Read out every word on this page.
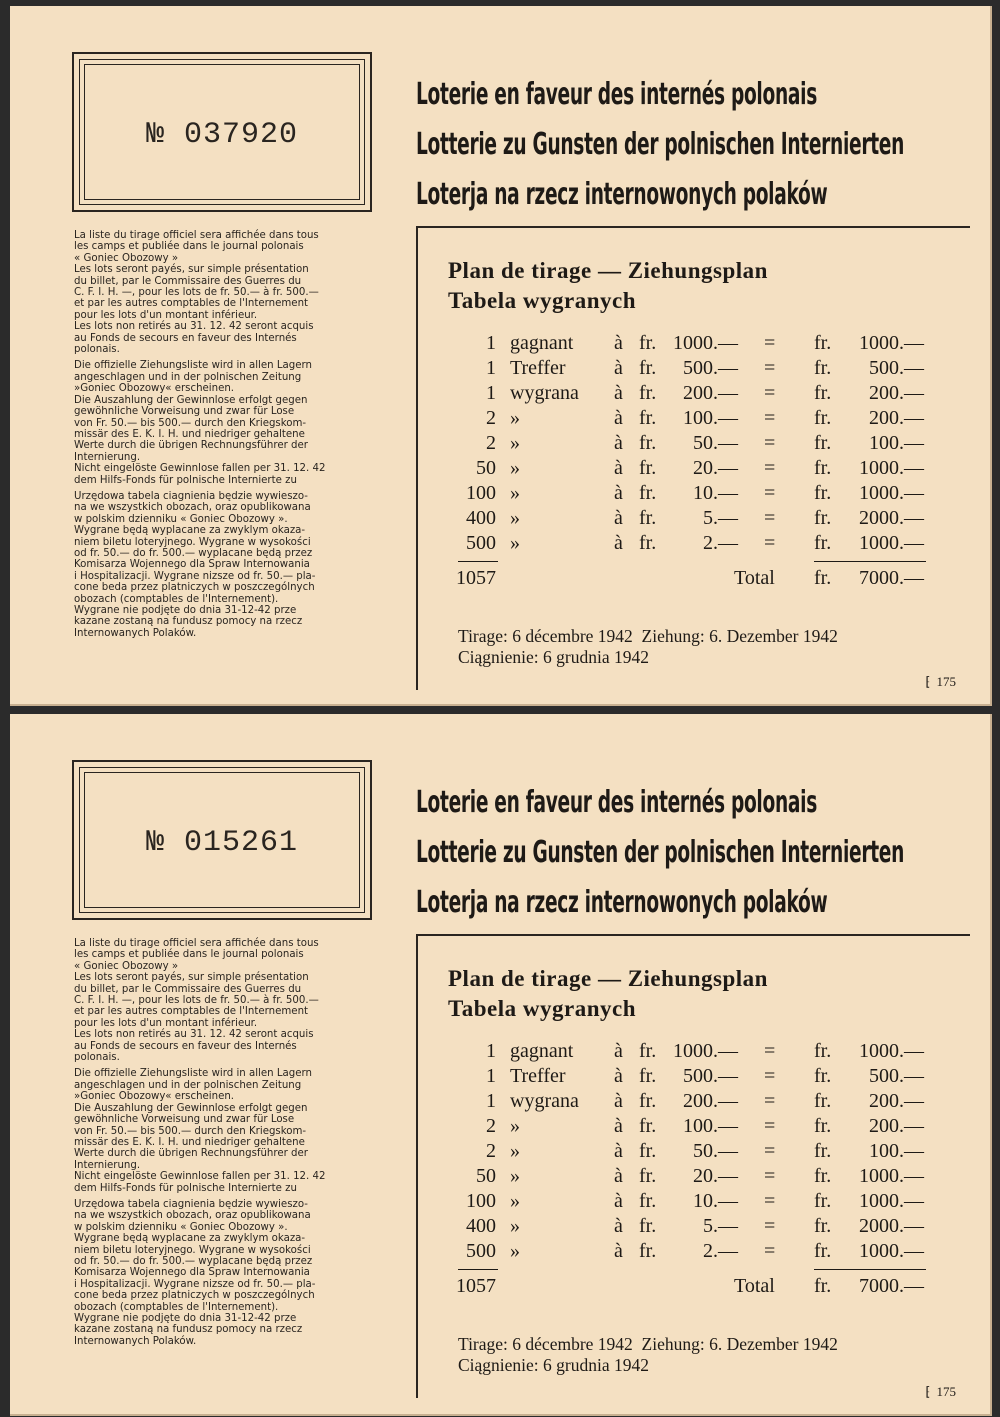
№ 037920

La liste du tirage officiel sera affichée dans tous
les camps et publiée dans le journal polonais
« Goniec Obozowy »
Les lots seront payés, sur simple présentation
du billet, par le Commissaire des Guerres du
C. F. I. H. —, pour les lots de fr. 50.— à fr. 500.—
et par les autres comptables de l'Internement
pour les lots d'un montant inférieur.
Les lots non retirés au 31. 12. 42 seront acquis
au Fonds de secours en faveur des Internés
polonais.

Die offizielle Ziehungsliste wird in allen Lagern
angeschlagen und in der polnischen Zeitung
»Goniec Obozowy« erscheinen.
Die Auszahlung der Gewinnlose erfolgt gegen
gewöhnliche Vorweisung und zwar für Lose
von Fr. 50.— bis 500.— durch den Kriegskom-
missär des E. K. I. H. und niedriger gehaltene
Werte durch die übrigen Rechnungsführer der
Internierung.
Nicht eingelöste Gewinnlose fallen per 31. 12. 42
dem Hilfs-Fonds für polnische Internierte zu

Urzędowa tabela ciagnienia będzie wywieszo-
na we wszystkich obozach, oraz opublikowana
w polskim dzienniku « Goniec Obozowy ».
Wygrane będą wyplacane za zwyklym okaza-
niem biletu loteryjnego. Wygrane w wysokości
od fr. 50.— do fr. 500.— wyplacane będą przez
Komisarza Wojennego dla Spraw Internowania
i Hospitalizacji. Wygrane nizsze od fr. 50.— pla-
cone beda przez platniczych w poszczególnych
obozach (comptables de l'Internement).
Wygrane nie podjęte do dnia 31-12-42 prze
kazane zostaną na fundusz pomocy na rzecz
Internowanych Polaków.

Loterie en faveur des internés polonais
Lotterie zu Gunsten der polnischen Internierten
Loterja na rzecz internowonych polaków
Plan de tirage — Ziehungsplan
Tabela wygranych
1 gagnant à fr. 1000.— = fr.	1000.—
1 Treffer à fr.	500.— = fr.	500.—
1 wygrana à fr.	200.— = fr.	200.—
2 »	à fr.	100.— = fr.	200.—
2 »	à fr.	50.— = fr.	100.—
50 »	à fr.	20.— = fr.	1000.—
100 »	à fr.	10.— = fr.	1000.—
400 »	à fr.	5.— = fr.	2000.—
500 »	à fr.	2.— = fr.	1000.—
1057	Total fr.	7000.—
Tirage: 6 décembre 1942  Ziehung: 6. Dezember 1942
Ciągnienie: 6 grudnia 1942
⁅ 175
№ 015261

La liste du tirage officiel sera affichée dans tous
les camps et publiée dans le journal polonais
« Goniec Obozowy »
Les lots seront payés, sur simple présentation
du billet, par le Commissaire des Guerres du
C. F. I. H. —, pour les lots de fr. 50.— à fr. 500.—
et par les autres comptables de l'Internement
pour les lots d'un montant inférieur.
Les lots non retirés au 31. 12. 42 seront acquis
au Fonds de secours en faveur des Internés
polonais.

Die offizielle Ziehungsliste wird in allen Lagern
angeschlagen und in der polnischen Zeitung
»Goniec Obozowy« erscheinen.
Die Auszahlung der Gewinnlose erfolgt gegen
gewöhnliche Vorweisung und zwar für Lose
von Fr. 50.— bis 500.— durch den Kriegskom-
missär des E. K. I. H. und niedriger gehaltene
Werte durch die übrigen Rechnungsführer der
Internierung.
Nicht eingelöste Gewinnlose fallen per 31. 12. 42
dem Hilfs-Fonds für polnische Internierte zu

Urzędowa tabela ciagnienia będzie wywieszo-
na we wszystkich obozach, oraz opublikowana
w polskim dzienniku « Goniec Obozowy ».
Wygrane będą wyplacane za zwyklym okaza-
niem biletu loteryjnego. Wygrane w wysokości
od fr. 50.— do fr. 500.— wyplacane będą przez
Komisarza Wojennego dla Spraw Internowania
i Hospitalizacji. Wygrane nizsze od fr. 50.— pla-
cone beda przez platniczych w poszczególnych
obozach (comptables de l'Internement).
Wygrane nie podjęte do dnia 31-12-42 prze
kazane zostaną na fundusz pomocy na rzecz
Internowanych Polaków.

Loterie en faveur des internés polonais
Lotterie zu Gunsten der polnischen Internierten
Loterja na rzecz internowonych polaków
Plan de tirage — Ziehungsplan
Tabela wygranych
1 gagnant à fr. 1000.— = fr.	1000.—
1 Treffer à fr.	500.— = fr.	500.—
1 wygrana à fr.	200.— = fr.	200.—
2 »	à fr.	100.— = fr.	200.—
2 »	à fr.	50.— = fr.	100.—
50 »	à fr.	20.— = fr.	1000.—
100 »	à fr.	10.— = fr.	1000.—
400 »	à fr.	5.— = fr.	2000.—
500 »	à fr.	2.— = fr.	1000.—
1057	Total fr.	7000.—
Tirage: 6 décembre 1942  Ziehung: 6. Dezember 1942
Ciągnienie: 6 grudnia 1942
⁅ 175
